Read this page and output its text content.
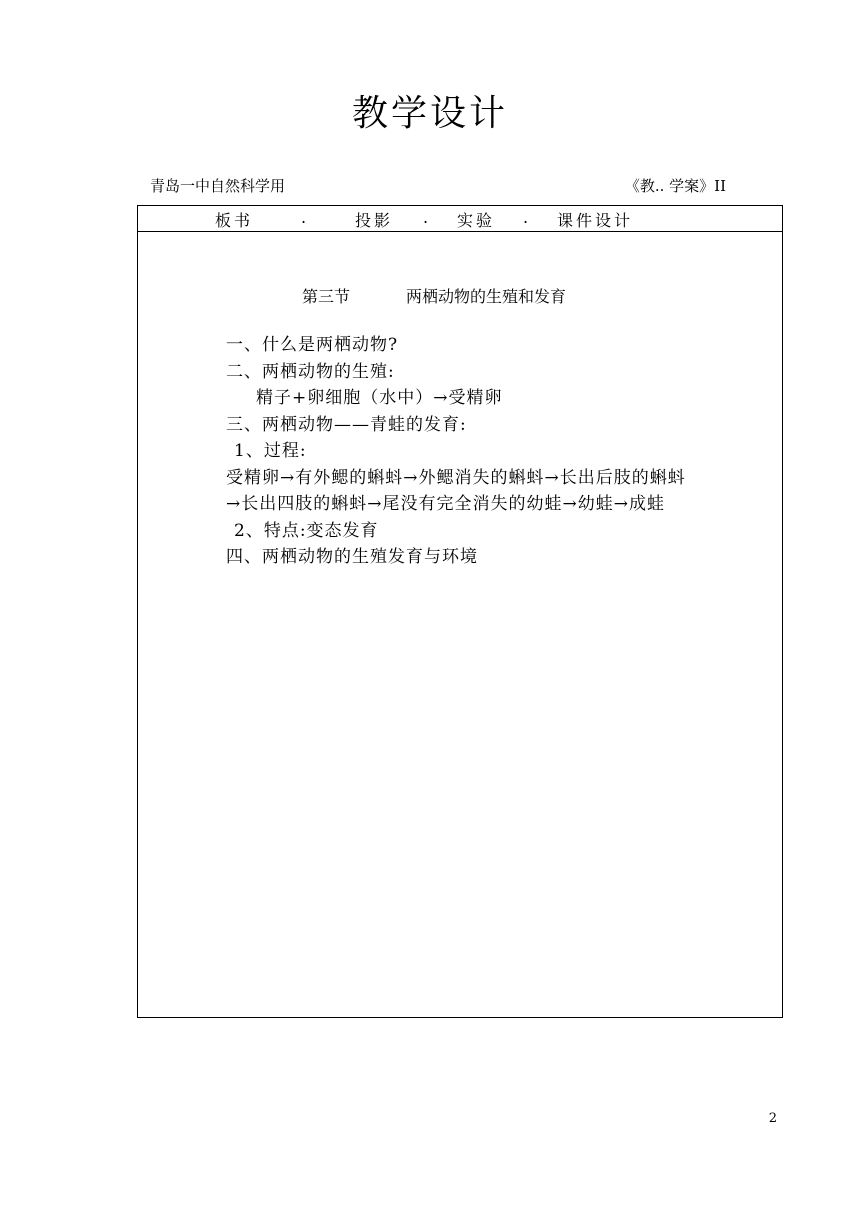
教学设计
青岛一中自然科学用	《教.. 学案》II
板书	.	投影 . 实验 . 课件设计
第三节	两栖动物的生殖和发育
一、什么是两栖动物?
二、两栖动物的生殖:
精子+卵细胞（水中）→受精卵
三、两栖动物——青蛙的发育:
1、过程:
受精卵→有外鳃的蝌蚪→外鳃消失的蝌蚪→长出后肢的蝌蚪
→长出四肢的蝌蚪→尾没有完全消失的幼蛙→幼蛙→成蛙
2、特点:变态发育
四、两栖动物的生殖发育与环境
2
